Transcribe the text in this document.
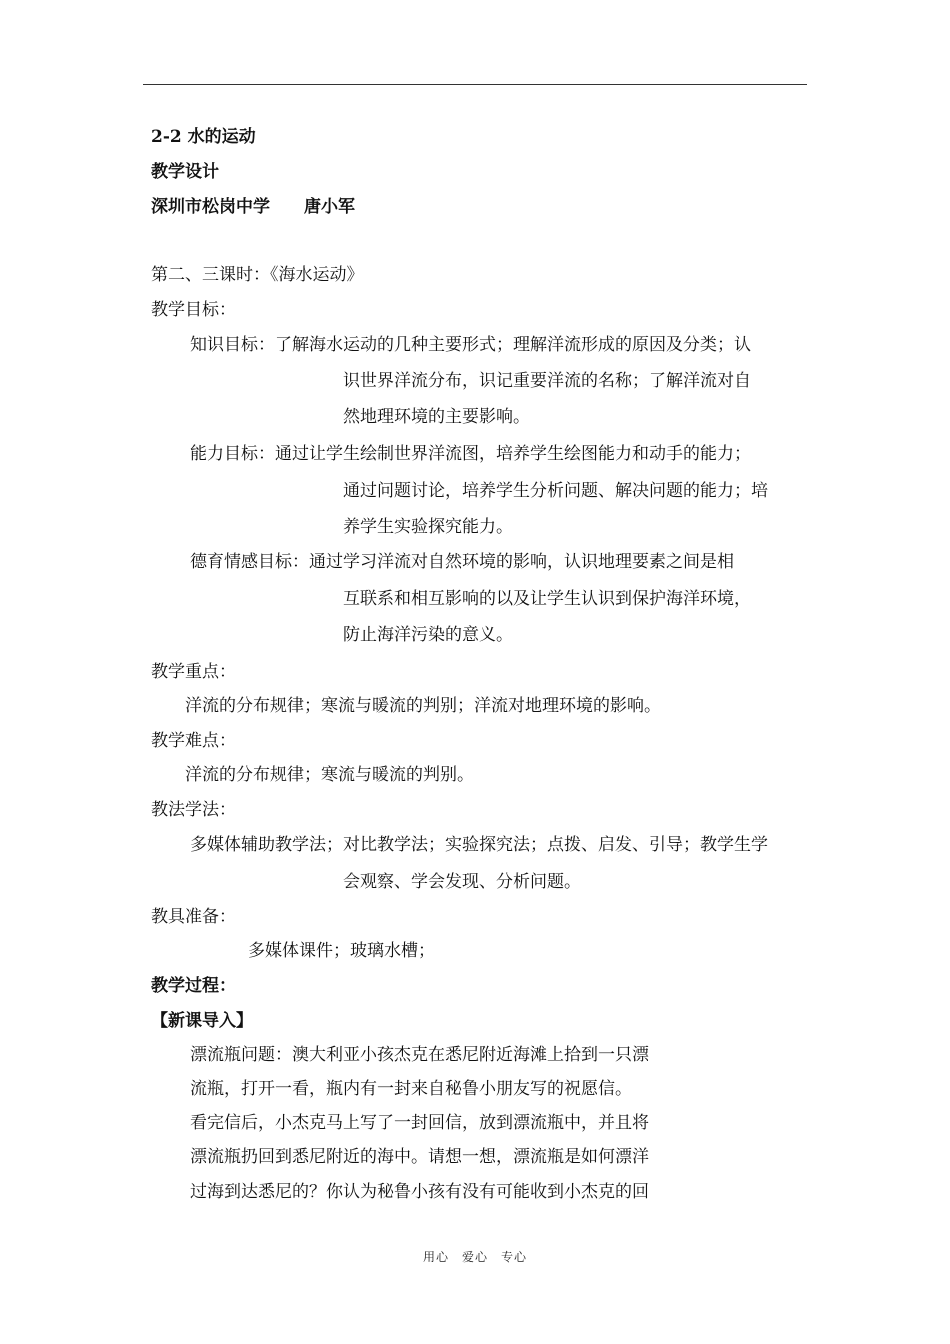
2-2 水的运动
教学设计
深圳市松岗中学　　唐小军
第二、三课时：《海水运动》
教学目标：
知识目标：了解海水运动的几种主要形式；理解洋流形成的原因及分类；认
识世界洋流分布，识记重要洋流的名称；了解洋流对自
然地理环境的主要影响。
能力目标：通过让学生绘制世界洋流图，培养学生绘图能力和动手的能力；
通过问题讨论，培养学生分析问题、解决问题的能力；培
养学生实验探究能力。
德育情感目标：通过学习洋流对自然环境的影响，认识地理要素之间是相
互联系和相互影响的以及让学生认识到保护海洋环境，
防止海洋污染的意义。
教学重点：
洋流的分布规律；寒流与暖流的判别；洋流对地理环境的影响。
教学难点：
洋流的分布规律；寒流与暖流的判别。
教法学法：
多媒体辅助教学法；对比教学法；实验探究法；点拨、启发、引导；教学生学
会观察、学会发现、分析问题。
教具准备：
多媒体课件；玻璃水槽；
教学过程：
【新课导入】
漂流瓶问题：澳大利亚小孩杰克在悉尼附近海滩上拾到一只漂
流瓶，打开一看，瓶内有一封来自秘鲁小朋友写的祝愿信。
看完信后，小杰克马上写了一封回信，放到漂流瓶中，并且将
漂流瓶扔回到悉尼附近的海中。请想一想，漂流瓶是如何漂洋
过海到达悉尼的？你认为秘鲁小孩有没有可能收到小杰克的回
用心　爱心　专心
